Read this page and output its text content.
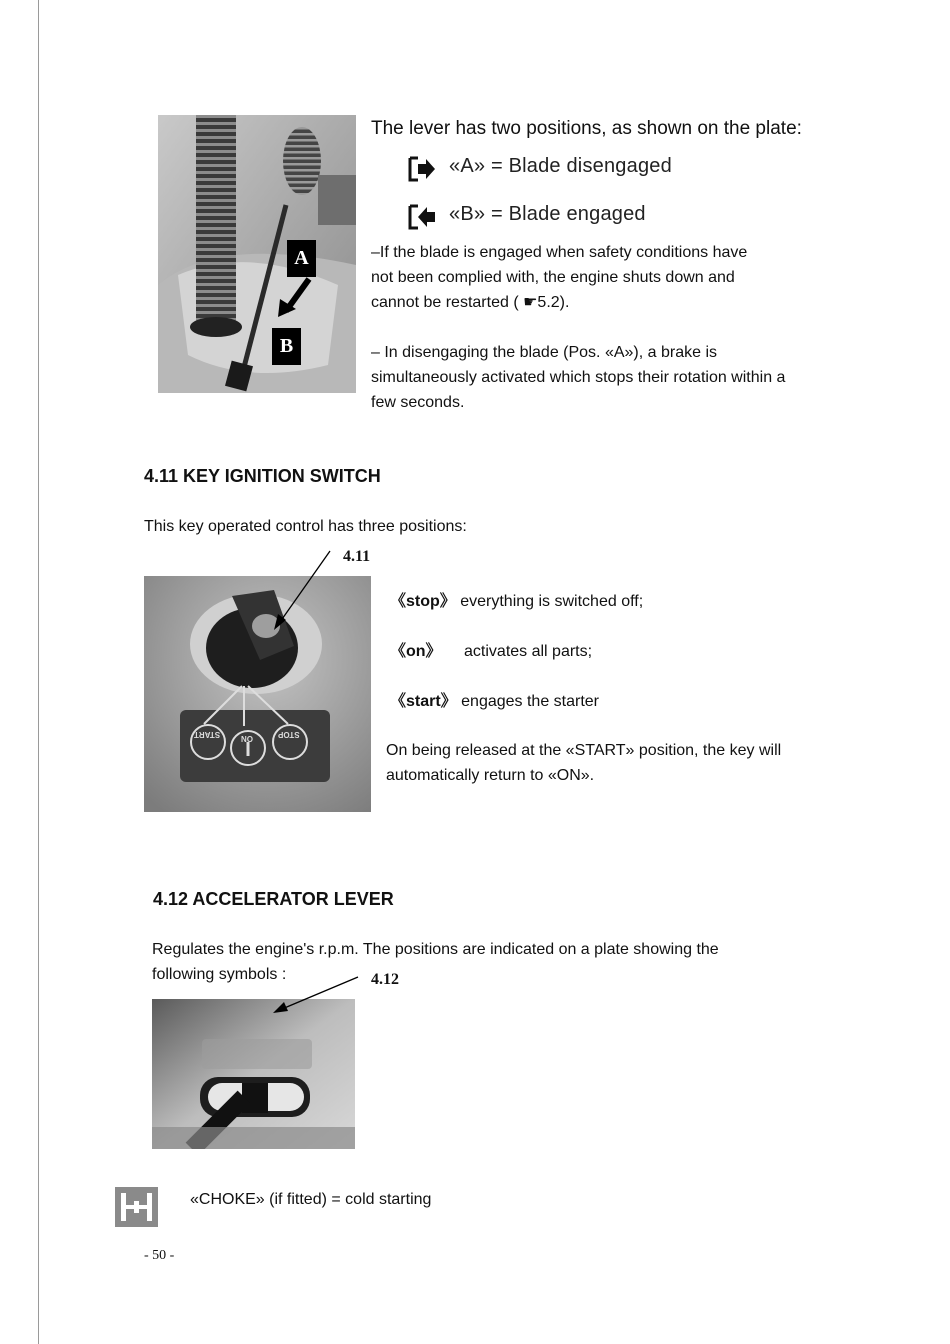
A
B
The lever has two positions, as shown on the plate:
«A» = Blade disengaged
«B» = Blade engaged
–If the blade is engaged when safety conditions have
not been complied with, the engine shuts down and
cannot be restarted ( ☛5.2).
– In disengaging the blade (Pos. «A»), a brake is
simultaneously activated which stops their rotation within a
few seconds.
4.11 KEY IGNITION SWITCH
This key operated control has three positions:
4.11
START	ON	STOP
《stop》 everything is switched off;
《on》 activates all parts;
《start》 engages the starter
On being released at the «START» position, the key will
automatically return to «ON».
4.12 ACCELERATOR LEVER
Regulates the engine's r.p.m. The positions are indicated on a plate showing the
following symbols :	4.12
«CHOKE» (if fitted) = cold starting
- 50 -
